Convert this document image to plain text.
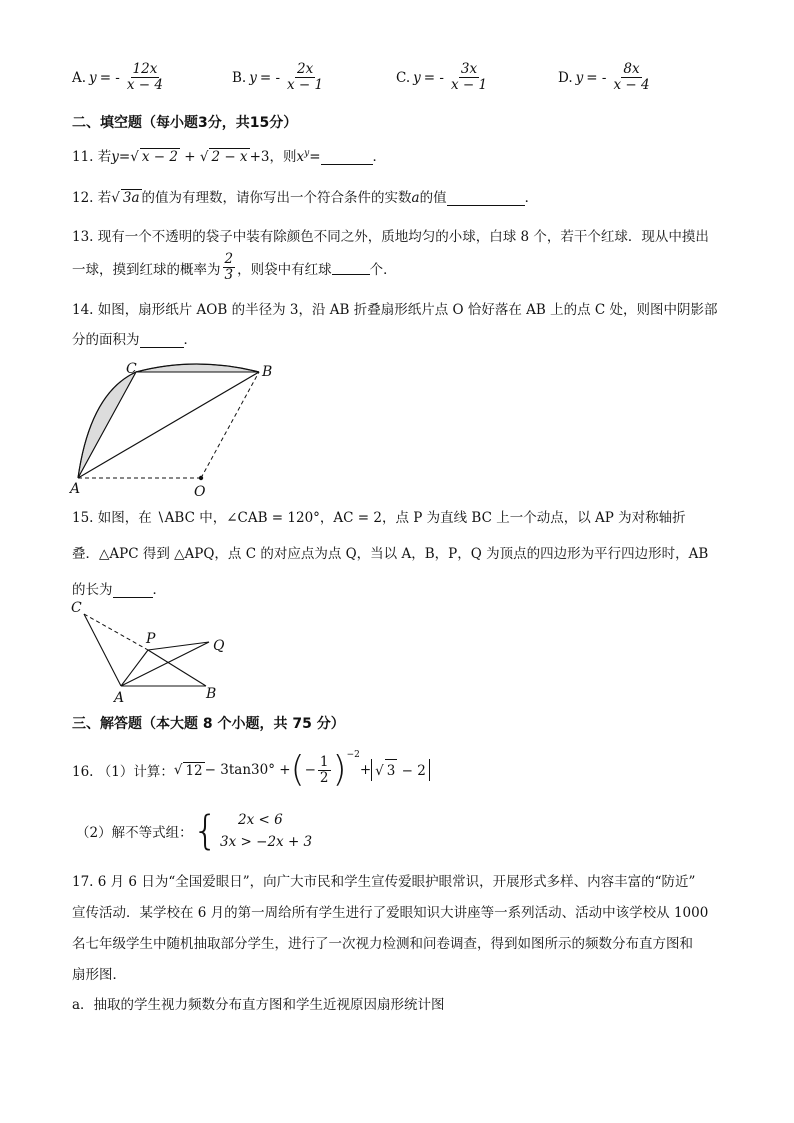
A. y = - $\frac{12x}{x - 4}$	B. y = - $\frac{2x}{x - 1}$	C. y = - $\frac{3x}{x - 1}$	D. y = - $\frac{8x}{x - 4}$
二、填空题（每小题3分，共15分）
11. 若y= √ x − 2 + √ 2 − x +3，则$x^y=$	．
12. 若 √ 3a 的值为有理数，请你写出一个符合条件的实数a的值	．
13. 现有一个不透明的袋子中装有除颜色不同之外，质地均匀的小球，白球 8 个，若干个红球．现从中摸出
一球，摸到红球的概率为 $\frac{2}{3}$ ，则袋中有红球	个．
14. 如图，扇形纸片 AOB 的半径为 3，沿 AB 折叠扇形纸片点 O 恰好落在 AB 上的点 C 处，则图中阴影部
分的面积为	．
C	B
A	O
15. 如图，在 ∖ABC 中，∠CAB = 120°，AC = 2，点 P 为直线 BC 上一个动点，以 AP 为对称轴折
叠．△APC 得到 △APQ，点 C 的对应点为点 Q，当以 A，B，P，Q 为顶点的四边形为平行四边形时，AB
的长为	．
C
P	Q
A	B
三、解答题（本大题 8 个小题，共 75 分）
16. （1）计算： √ 12 − 3tan30° + ( − $\frac{1}{2} )^{-2}$
+ √	3 − 2
（2）解不等式组： { 2x < 6
3x > −2x + 3
17. 6 月 6 日为“全国爱眼日”，向广大市民和学生宣传爱眼护眼常识，开展形式多样、内容丰富的“防近”
宣传活动．某学校在 6 月的第一周给所有学生进行了爱眼知识大讲座等一系列活动、活动中该学校从 1000
名七年级学生中随机抽取部分学生，进行了一次视力检测和问卷调查，得到如图所示的频数分布直方图和
扇形图．
a．抽取的学生视力频数分布直方图和学生近视原因扇形统计图
